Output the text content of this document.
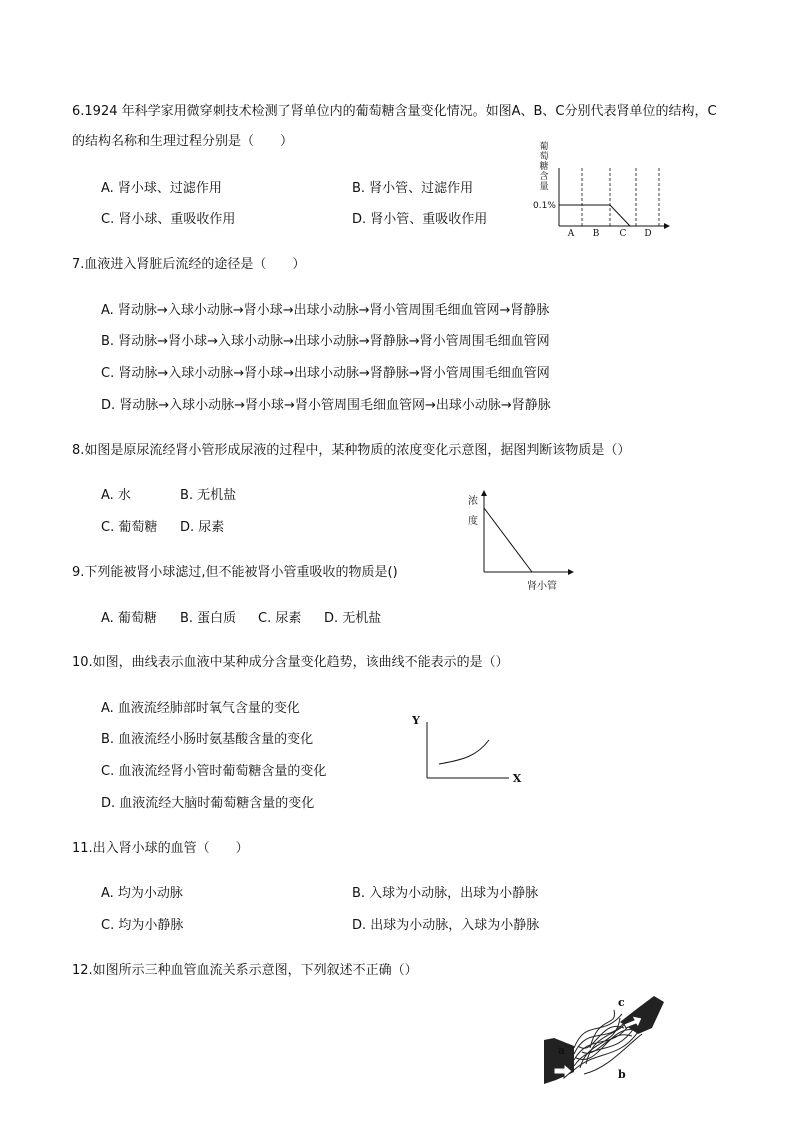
6.1924 年科学家用微穿刺技术检测了肾单位内的葡萄糖含量变化情况。如图A、B、C分别代表肾单位的结构，C
的结构名称和生理过程分别是（　　）
A. 肾小球、过滤作用	B. 肾小管、过滤作用
C. 肾小球、重吸收作用	D. 肾小管、重吸收作用
葡
萄
糖
含
量
0.1%
A B C D
7.血液进入肾脏后流经的途径是（　　）
A. 肾动脉→入球小动脉→肾小球→出球小动脉→肾小管周围毛细血管网→肾静脉
B. 肾动脉→肾小球→入球小动脉→出球小动脉→肾静脉→肾小管周围毛细血管网
C. 肾动脉→入球小动脉→肾小球→出球小动脉→肾静脉→肾小管周围毛细血管网
D. 肾动脉→入球小动脉→肾小球→肾小管周围毛细血管网→出球小动脉→肾静脉
8.如图是原尿流经肾小管形成尿液的过程中，某种物质的浓度变化示意图，据图判断该物质是（）
A. 水	B. 无机盐
C. 葡萄糖 D. 尿素
浓
度
肾小管
9.下列能被肾小球滤过,但不能被肾小管重吸收的物质是()
A. 葡萄糖 B. 蛋白质 C. 尿素 D. 无机盐
10.如图，曲线表示血液中某种成分含量变化趋势，该曲线不能表示的是（）
A. 血液流经肺部时氧气含量的变化
B. 血液流经小肠时氨基酸含量的变化
C. 血液流经肾小管时葡萄糖含量的变化
D. 血液流经大脑时葡萄糖含量的变化
Y
X
11.出入肾小球的血管（　　）
A. 均为小动脉	B. 入球为小动脉，出球为小静脉
C. 均为小静脉	D. 出球为小动脉，入球为小静脉
12.如图所示三种血管血流关系示意图，下列叙述不正确（）
a
b
c
